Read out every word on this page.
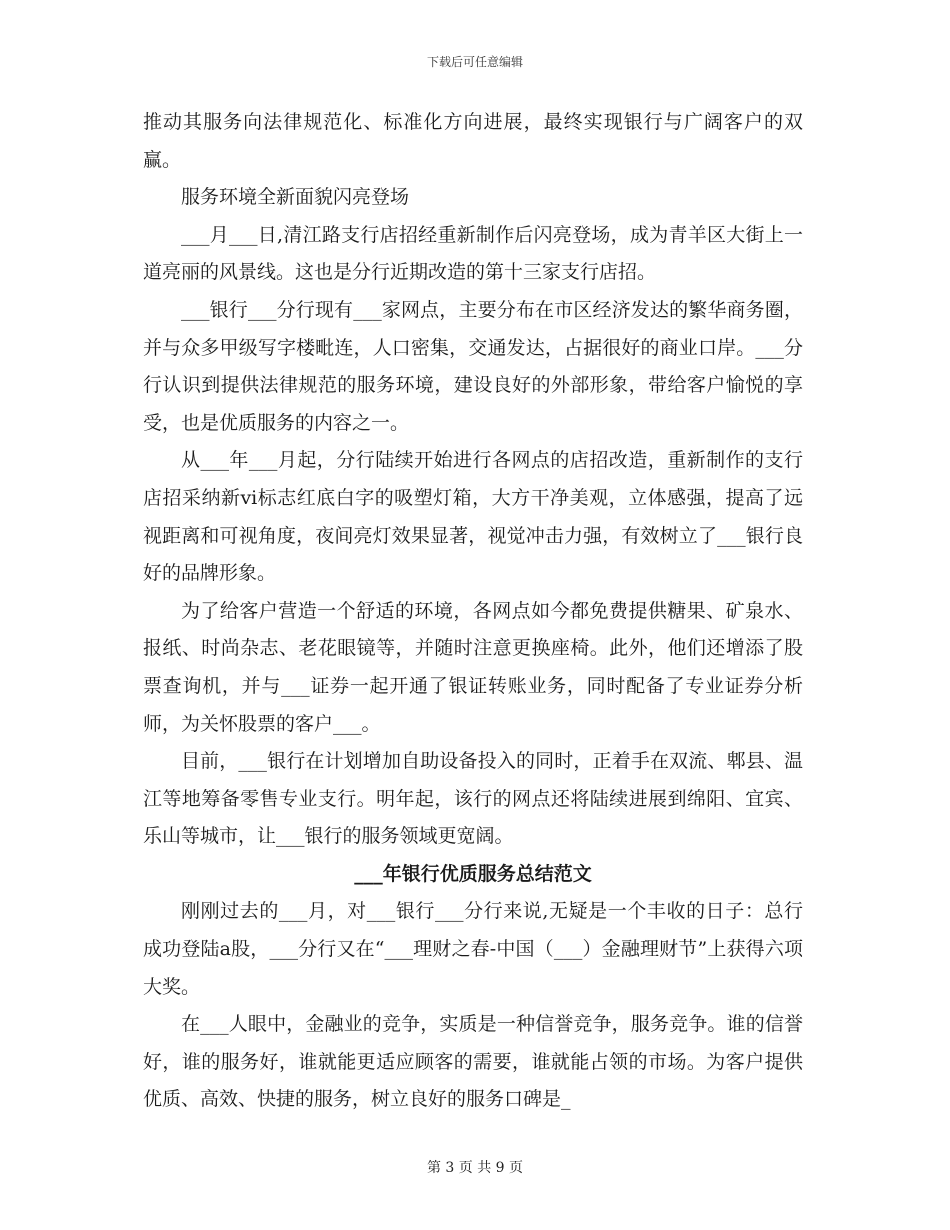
下载后可任意编辑

推动其服务向法律规范化、标准化方向进展，最终实现银行与广阔客户的双赢。

服务环境全新面貌闪亮登场

___月___日,清江路支行店招经重新制作后闪亮登场，成为青羊区大街上一道亮丽的风景线。这也是分行近期改造的第十三家支行店招。

___银行___分行现有___家网点，主要分布在市区经济发达的繁华商务圈，并与众多甲级写字楼毗连，人口密集，交通发达，占据很好的商业口岸。___分行认识到提供法律规范的服务环境，建设良好的外部形象，带给客户愉悦的享受，也是优质服务的内容之一。

从___年___月起，分行陆续开始进行各网点的店招改造，重新制作的支行店招采纳新vi标志红底白字的吸塑灯箱，大方干净美观，立体感强，提高了远视距离和可视角度，夜间亮灯效果显著，视觉冲击力强，有效树立了___银行良好的品牌形象。

为了给客户营造一个舒适的环境，各网点如今都免费提供糖果、矿泉水、报纸、时尚杂志、老花眼镜等，并随时注意更换座椅。此外，他们还增添了股票查询机，并与___证券一起开通了银证转账业务，同时配备了专业证券分析师，为关怀股票的客户___。

目前，___银行在计划增加自助设备投入的同时，正着手在双流、郫县、温江等地筹备零售专业支行。明年起，该行的网点还将陆续进展到绵阳、宜宾、乐山等城市，让___银行的服务领域更宽阔。

___年银行优质服务总结范文

刚刚过去的___月，对___银行___分行来说,无疑是一个丰收的日子：总行成功登陆a股，___分行又在“___理财之春-中国（___）金融理财节”上获得六项大奖。

在___人眼中，金融业的竞争，实质是一种信誉竞争，服务竞争。谁的信誉好，谁的服务好，谁就能更适应顾客的需要，谁就能占领的市场。为客户提供优质、高效、快捷的服务，树立良好的服务口碑是_

第 3 页 共 9 页
